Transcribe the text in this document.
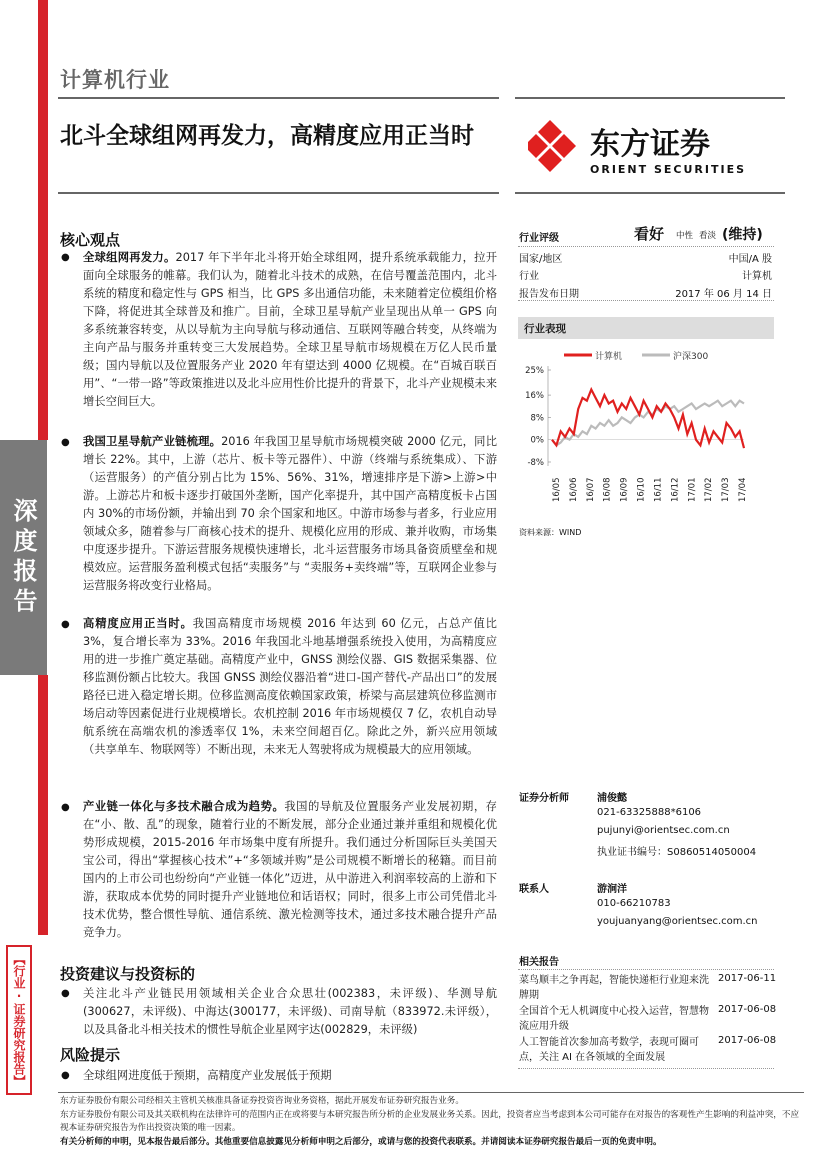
深度报告
【行业·证券研究报告】
计算机行业
北斗全球组网再发力，高精度应用正当时	东方证券
ORIENT SECURITIES
核心观点
● 全球组网再发力。2017 年下半年北斗将开始全球组网，提升系统承载能力，拉开面向全球服务的帷幕。我们认为，随着北斗技术的成熟，在信号覆盖范围内，北斗系统的精度和稳定性与 GPS 相当，比 GPS 多出通信功能，未来随着定位模组价格下降，将促进其全球普及和推广。目前，全球卫星导航产业呈现出从单一 GPS 向多系统兼容转变，从以导航为主向导航与移动通信、互联网等融合转变，从终端为主向产品与服务并重转变三大发展趋势。全球卫星导航市场规模在万亿人民币量级；国内导航以及位置服务产业 2020 年有望达到 4000 亿规模。在“百城百联百用”、“一带一路”等政策推进以及北斗应用性价比提升的背景下，北斗产业规模未来增长空间巨大。
● 我国卫星导航产业链梳理。2016 年我国卫星导航市场规模突破 2000 亿元，同比增长 22%。其中，上游（芯片、板卡等元器件）、中游（终端与系统集成）、下游（运营服务）的产值分别占比为 15%、56%、31%，增速排序是下游>上游>中游。上游芯片和板卡逐步打破国外垄断，国产化率提升，其中国产高精度板卡占国内 30%的市场份额，并输出到 70 余个国家和地区。中游市场参与者多，行业应用领域众多，随着参与厂商核心技术的提升、规模化应用的形成、兼并收购，市场集中度逐步提升。下游运营服务规模快速增长，北斗运营服务市场具备资质壁垒和规模效应。运营服务盈利模式包括“卖服务”与 “卖服务+卖终端”等，互联网企业参与运营服务将改变行业格局。
● 高精度应用正当时。我国高精度市场规模 2016 年达到 60 亿元，占总产值比 3%，复合增长率为 33%。2016 年我国北斗地基增强系统投入使用，为高精度应用的进一步推广奠定基础。高精度产业中，GNSS 测绘仪器、GIS 数据采集器、位移监测份额占比较大。我国 GNSS 测绘仪器沿着“进口-国产替代-产品出口”的发展路径已进入稳定增长期。位移监测高度依赖国家政策，桥梁与高层建筑位移监测市场启动等因素促进行业规模增长。农机控制 2016 年市场规模仅 7 亿，农机自动导航系统在高端农机的渗透率仅 1%，未来空间超百亿。除此之外，新兴应用领域（共享单车、物联网等）不断出现，未来无人驾驶将成为规模最大的应用领域。
● 产业链一体化与多技术融合成为趋势。我国的导航及位置服务产业发展初期，存在“小、散、乱”的现象，随着行业的不断发展，部分企业通过兼并重组和规模化优势形成规模，2015-2016 年市场集中度有所提升。我们通过分析国际巨头美国天宝公司，得出“掌握核心技术”+“多领域并购”是公司规模不断增长的秘籍。而目前国内的上市公司也纷纷向“产业链一体化”迈进，从中游进入利润率较高的上游和下游，获取成本优势的同时提升产业链地位和话语权；同时，很多上市公司凭借北斗技术优势，整合惯性导航、通信系统、激光检测等技术，通过多技术融合提升产品竞争力。
投资建议与投资标的
● 关注北斗产业链民用领域相关企业合众思壮(002383，未评级)、华测导航(300627，未评级)、中海达(300177，未评级)、司南导航（833972.未评级），以及具备北斗相关技术的惯性导航企业星网宇达(002829，未评级)
风险提示
● 全球组网进度低于预期，高精度产业发展低于预期
行业评级	看好 中性 看淡 (维持)
国家/地区	中国/A 股
行业	计算机
报告发布日期	2017 年 06 月 14 日
行业表现
计算机	沪深300
25%
16%
8%
0%
-8%
16/05 16/06 16/07 16/08 16/09 16/10 16/11 16/12 17/01 17/02 17/03 17/04
资料来源：WIND
证券分析师	浦俊懿
021-63325888*6106
pujunyi@orientsec.com.cn
执业证书编号：S0860514050004
联系人	游涧洋
010-66210783
youjuanyang@orientsec.com.cn
相关报告
菜鸟顺丰之争再起，智能快递柜行业迎来洗牌期
2017-06-11
全国首个无人机调度中心投入运营，智慧物流应用升级
2017-06-08
人工智能首次参加高考数学，表现可圈可点，关注 AI 在各领域的全面发展
2017-06-08
东方证券股份有限公司经相关主管机关核准具备证券投资咨询业务资格，据此开展发布证券研究报告业务。
东方证券股份有限公司及其关联机构在法律许可的范围内正在或将要与本研究报告所分析的企业发展业务关系。因此，投资者应当考虑到本公司可能存在对报告的客观性产生影响的利益冲突，不应视本证券研究报告为作出投资决策的唯一因素。
有关分析师的申明，见本报告最后部分。其他重要信息披露见分析师申明之后部分，或请与您的投资代表联系。并请阅读本证券研究报告最后一页的免责申明。
